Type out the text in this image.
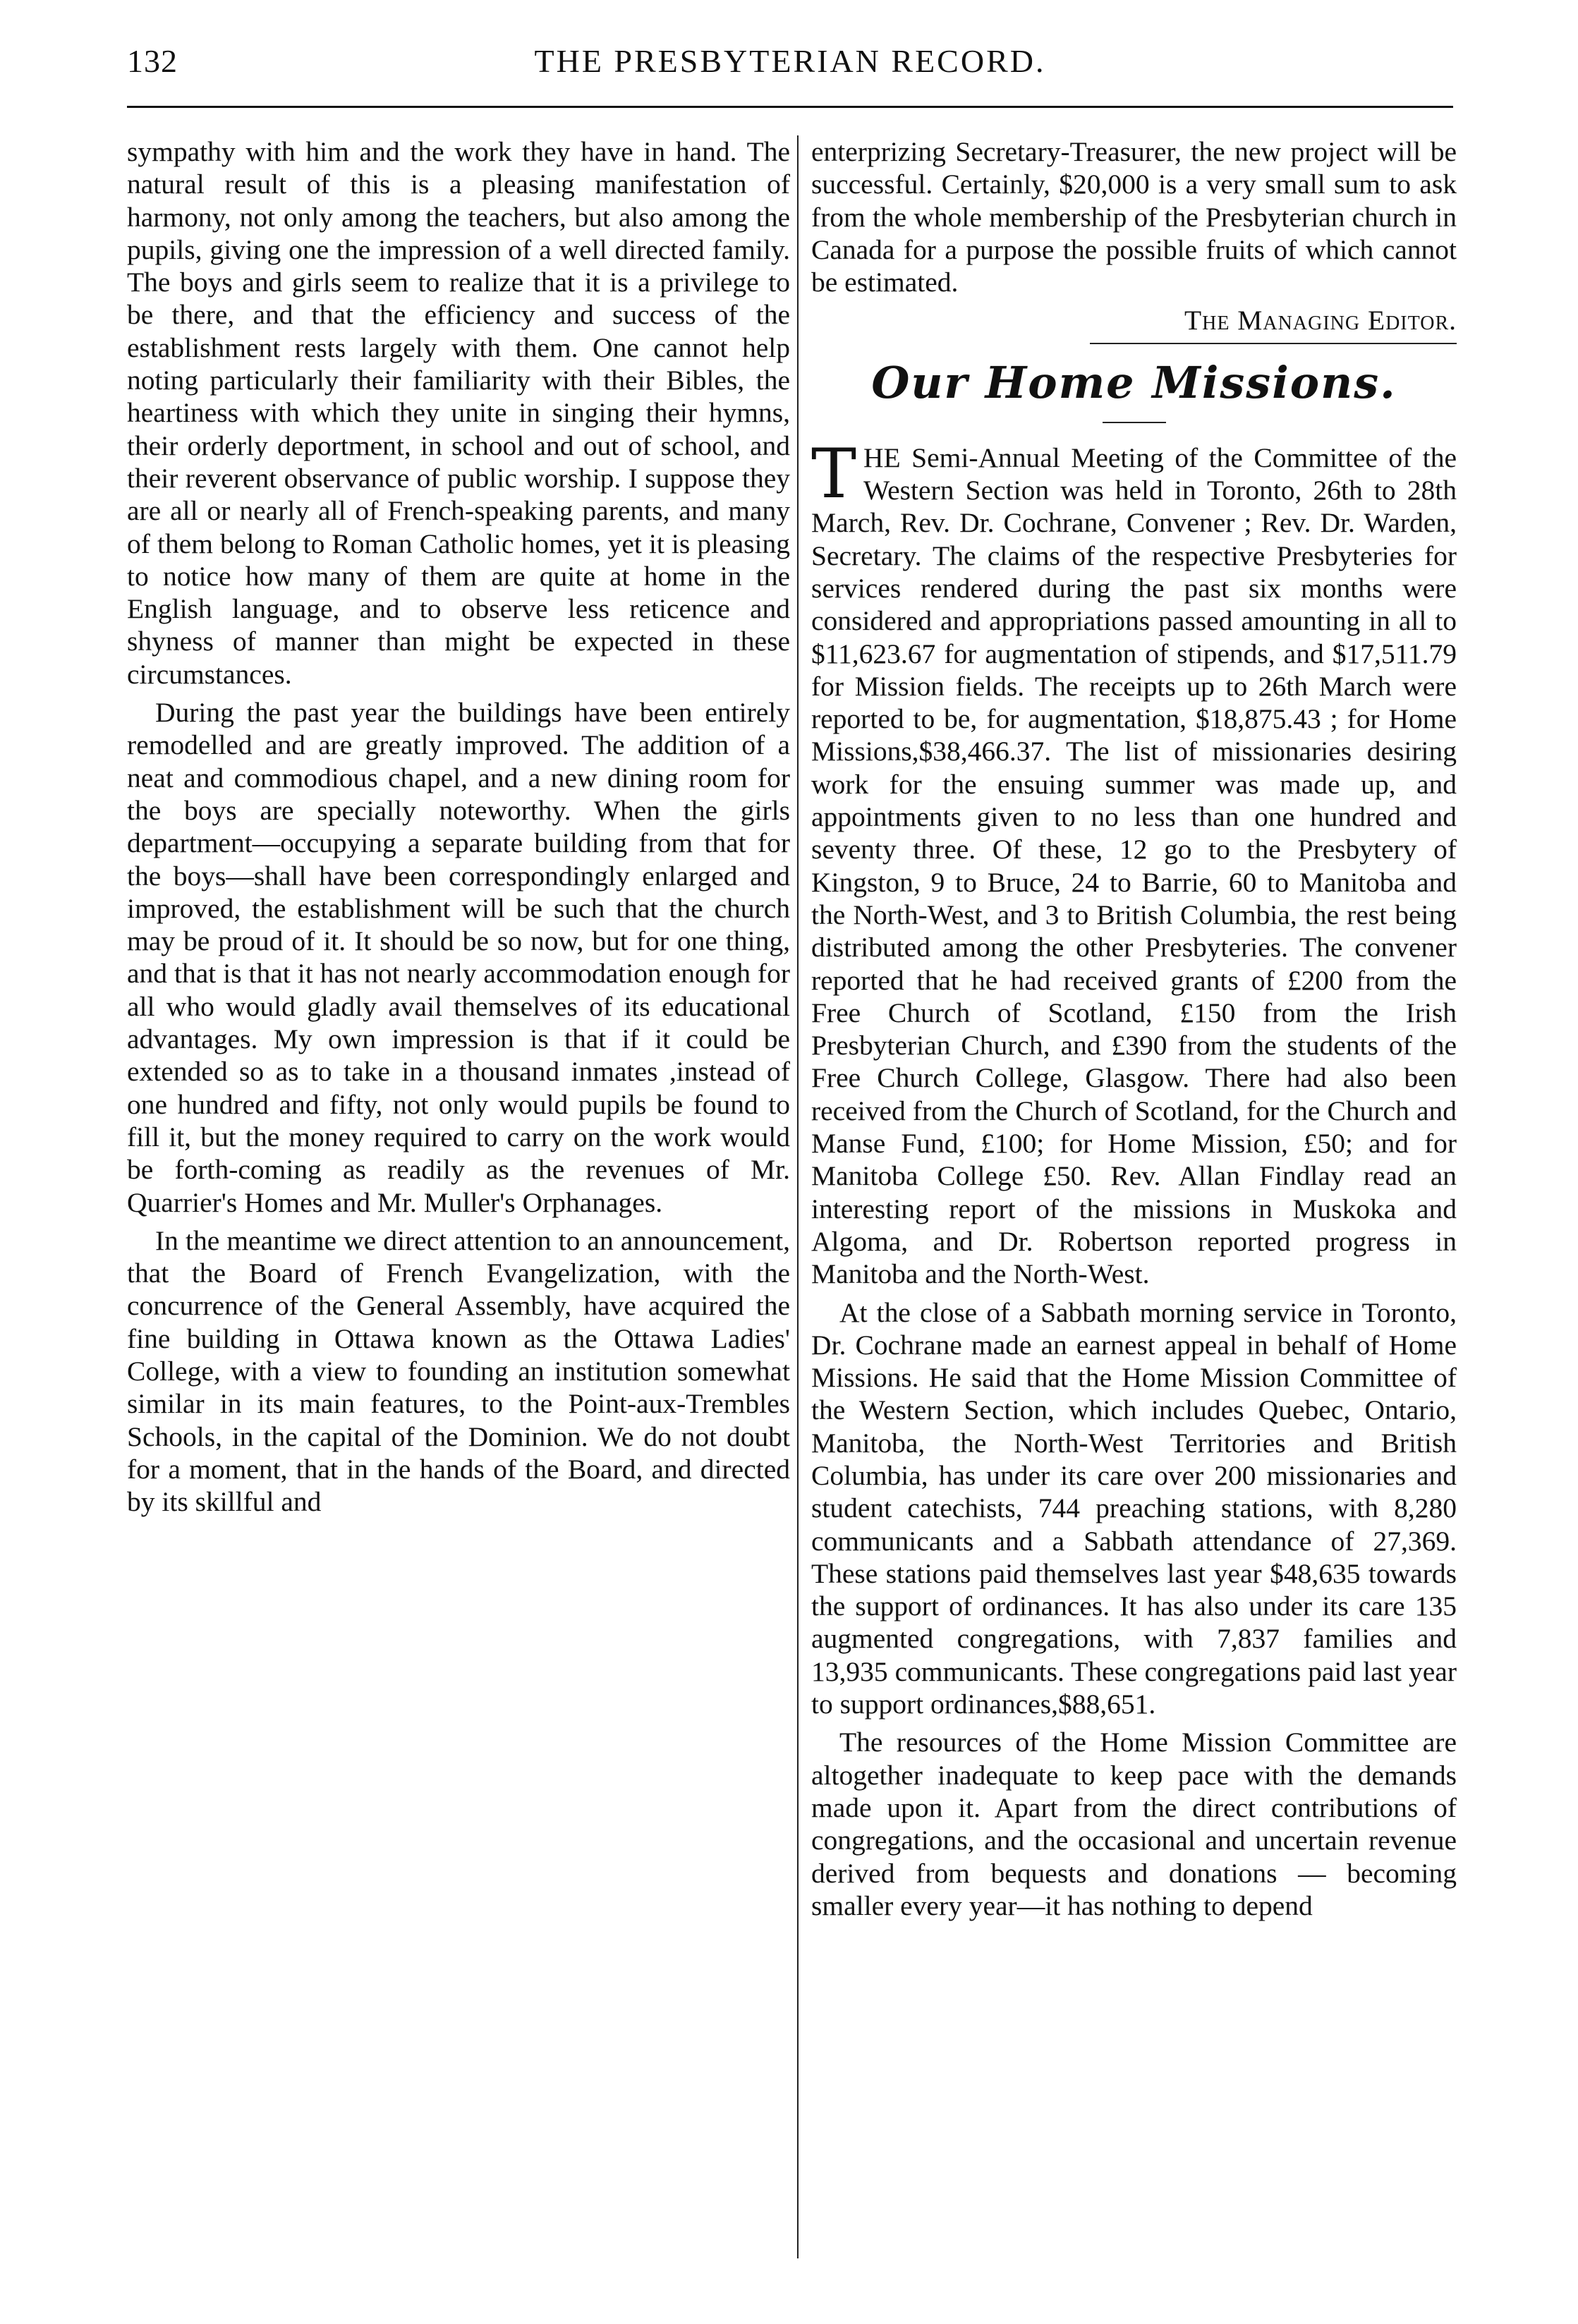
132	THE PRESBYTERIAN RECORD.

sympathy with him and the work they have in hand. The natural result of this is a pleasing manifestation of harmony, not only among the teachers, but also among the pupils, giving one the impression of a well directed family. The boys and girls seem to realize that it is a privilege to be there, and that the efficiency and success of the establishment rests largely with them. One cannot help noting particularly their familiarity with their Bibles, the heartiness with which they unite in singing their hymns, their orderly deportment, in school and out of school, and their reverent observance of public worship. I suppose they are all or nearly all of French-speaking parents, and many of them belong to Roman Catholic homes, yet it is pleasing to notice how many of them are quite at home in the English language, and to observe less reticence and shyness of manner than might be expected in these circumstances.

During the past year the buildings have been entirely remodelled and are greatly improved. The addition of a neat and commodious chapel, and a new dining room for the boys are specially noteworthy. When the girls department—occupying a separate building from that for the boys—shall have been correspondingly enlarged and improved, the establishment will be such that the church may be proud of it. It should be so now, but for one thing, and that is that it has not nearly accommodation enough for all who would gladly avail themselves of its educational advantages. My own impression is that if it could be extended so as to take in a thousand inmates ,instead of one hundred and fifty, not only would pupils be found to fill it, but the money required to carry on the work would be forth-coming as readily as the revenues of Mr. Quarrier's Homes and Mr. Muller's Orphanages.

In the meantime we direct attention to an announcement, that the Board of French Evangelization, with the concurrence of the General Assembly, have acquired the fine building in Ottawa known as the Ottawa Ladies' College, with a view to founding an institution somewhat similar in its main features, to the Point-aux-Trembles Schools, in the capital of the Dominion. We do not doubt for a moment, that in the hands of the Board, and directed by its skillful and

enterprizing Secretary-Treasurer, the new project will be successful. Certainly, $20,000 is a very small sum to ask from the whole membership of the Presbyterian church in Canada for a purpose the possible fruits of which cannot be estimated.

The Managing Editor.
Our Home Missions.

THE Semi-Annual Meeting of the Committee of the Western Section was held in Toronto, 26th to 28th March, Rev. Dr. Cochrane, Convener ; Rev. Dr. Warden, Secretary. The claims of the respective Presbyteries for services rendered during the past six months were considered and appropriations passed amounting in all to $11,623.67 for augmentation of stipends, and $17,511.79 for Mission fields. The receipts up to 26th March were reported to be, for augmentation, $18,875.43 ; for Home Missions,$38,466.37. The list of missionaries desiring work for the ensuing summer was made up, and appointments given to no less than one hundred and seventy three. Of these, 12 go to the Presbytery of Kingston, 9 to Bruce, 24 to Barrie, 60 to Manitoba and the North-West, and 3 to British Columbia, the rest being distributed among the other Presbyteries. The convener reported that he had received grants of £200 from the Free Church of Scotland, £150 from the Irish Presbyterian Church, and £390 from the students of the Free Church College, Glasgow. There had also been received from the Church of Scotland, for the Church and Manse Fund, £100; for Home Mission, £50; and for Manitoba College £50. Rev. Allan Findlay read an interesting report of the missions in Muskoka and Algoma, and Dr. Robertson reported progress in Manitoba and the North-West.

At the close of a Sabbath morning service in Toronto, Dr. Cochrane made an earnest appeal in behalf of Home Missions. He said that the Home Mission Committee of the Western Section, which includes Quebec, Ontario, Manitoba, the North-West Territories and British Columbia, has under its care over 200 missionaries and student catechists, 744 preaching stations, with 8,280 communicants and a Sabbath attendance of 27,369. These stations paid themselves last year $48,635 towards the support of ordinances. It has also under its care 135 augmented congregations, with 7,837 families and 13,935 communicants. These congregations paid last year to support ordinances,$88,651.

The resources of the Home Mission Committee are altogether inadequate to keep pace with the demands made upon it. Apart from the direct contributions of congregations, and the occasional and uncertain revenue derived from bequests and donations — becoming smaller every year—it has nothing to depend
